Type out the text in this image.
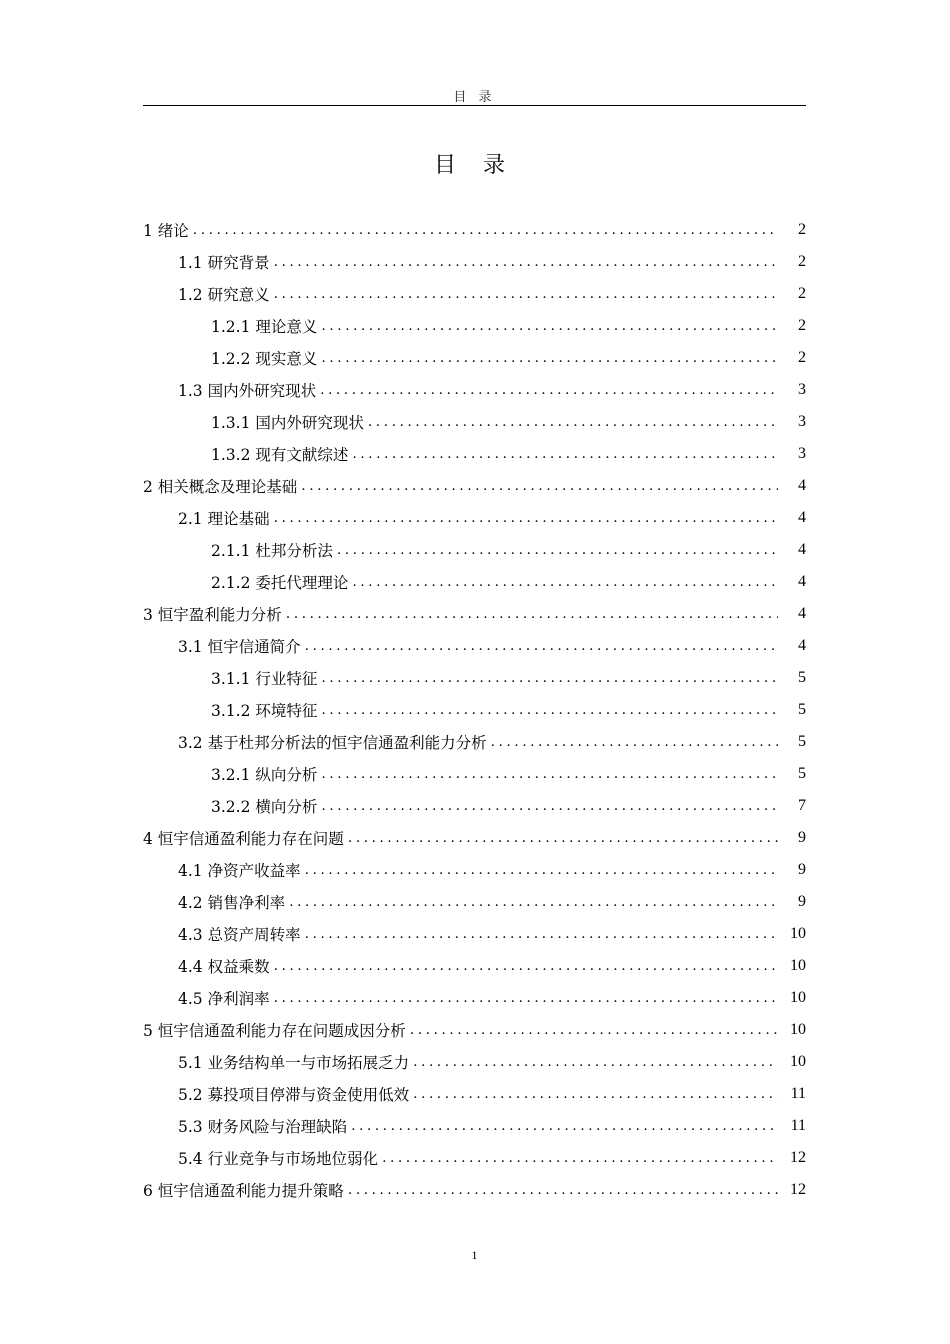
目 录
目 录
1 绪论 . . .	2
1.1 研究背景 . . .	2
1.2 研究意义 . . .	2
1.2.1 理论意义 . . .	2
1.2.2 现实意义 . . .	2
1.3 国内外研究现状 . . .	3
1.3.1 国内外研究现状 . . .	3
1.3.2 现有文献综述 . . .	3
2 相关概念及理论基础 . . .	4
2.1 理论基础 . . .	4
2.1.1 杜邦分析法 . . .	4
2.1.2 委托代理理论 . . .	4
3 恒宇盈利能力分析 . . .	4
3.1 恒宇信通简介 . . .	4
3.1.1 行业特征 . . .	5
3.1.2 环境特征 . . .	5
3.2 基于杜邦分析法的恒宇信通盈利能力分析 . . .	5
3.2.1 纵向分析 . . .	5
3.2.2 横向分析 . . .	7
4 恒宇信通盈利能力存在问题 . . .	9
4.1 净资产收益率 . . .	9
4.2 销售净利率 . . .	9
4.3 总资产周转率 . . .	10
4.4 权益乘数 . . .	10
4.5 净利润率 . . .	10
5 恒宇信通盈利能力存在问题成因分析 . . .	10
5.1 业务结构单一与市场拓展乏力 . . .	10
5.2 募投项目停滞与资金使用低效 . . .	11
5.3 财务风险与治理缺陷 . . .	11
5.4 行业竞争与市场地位弱化 . . .	12
6 恒宇信通盈利能力提升策略 . . .	12
1
